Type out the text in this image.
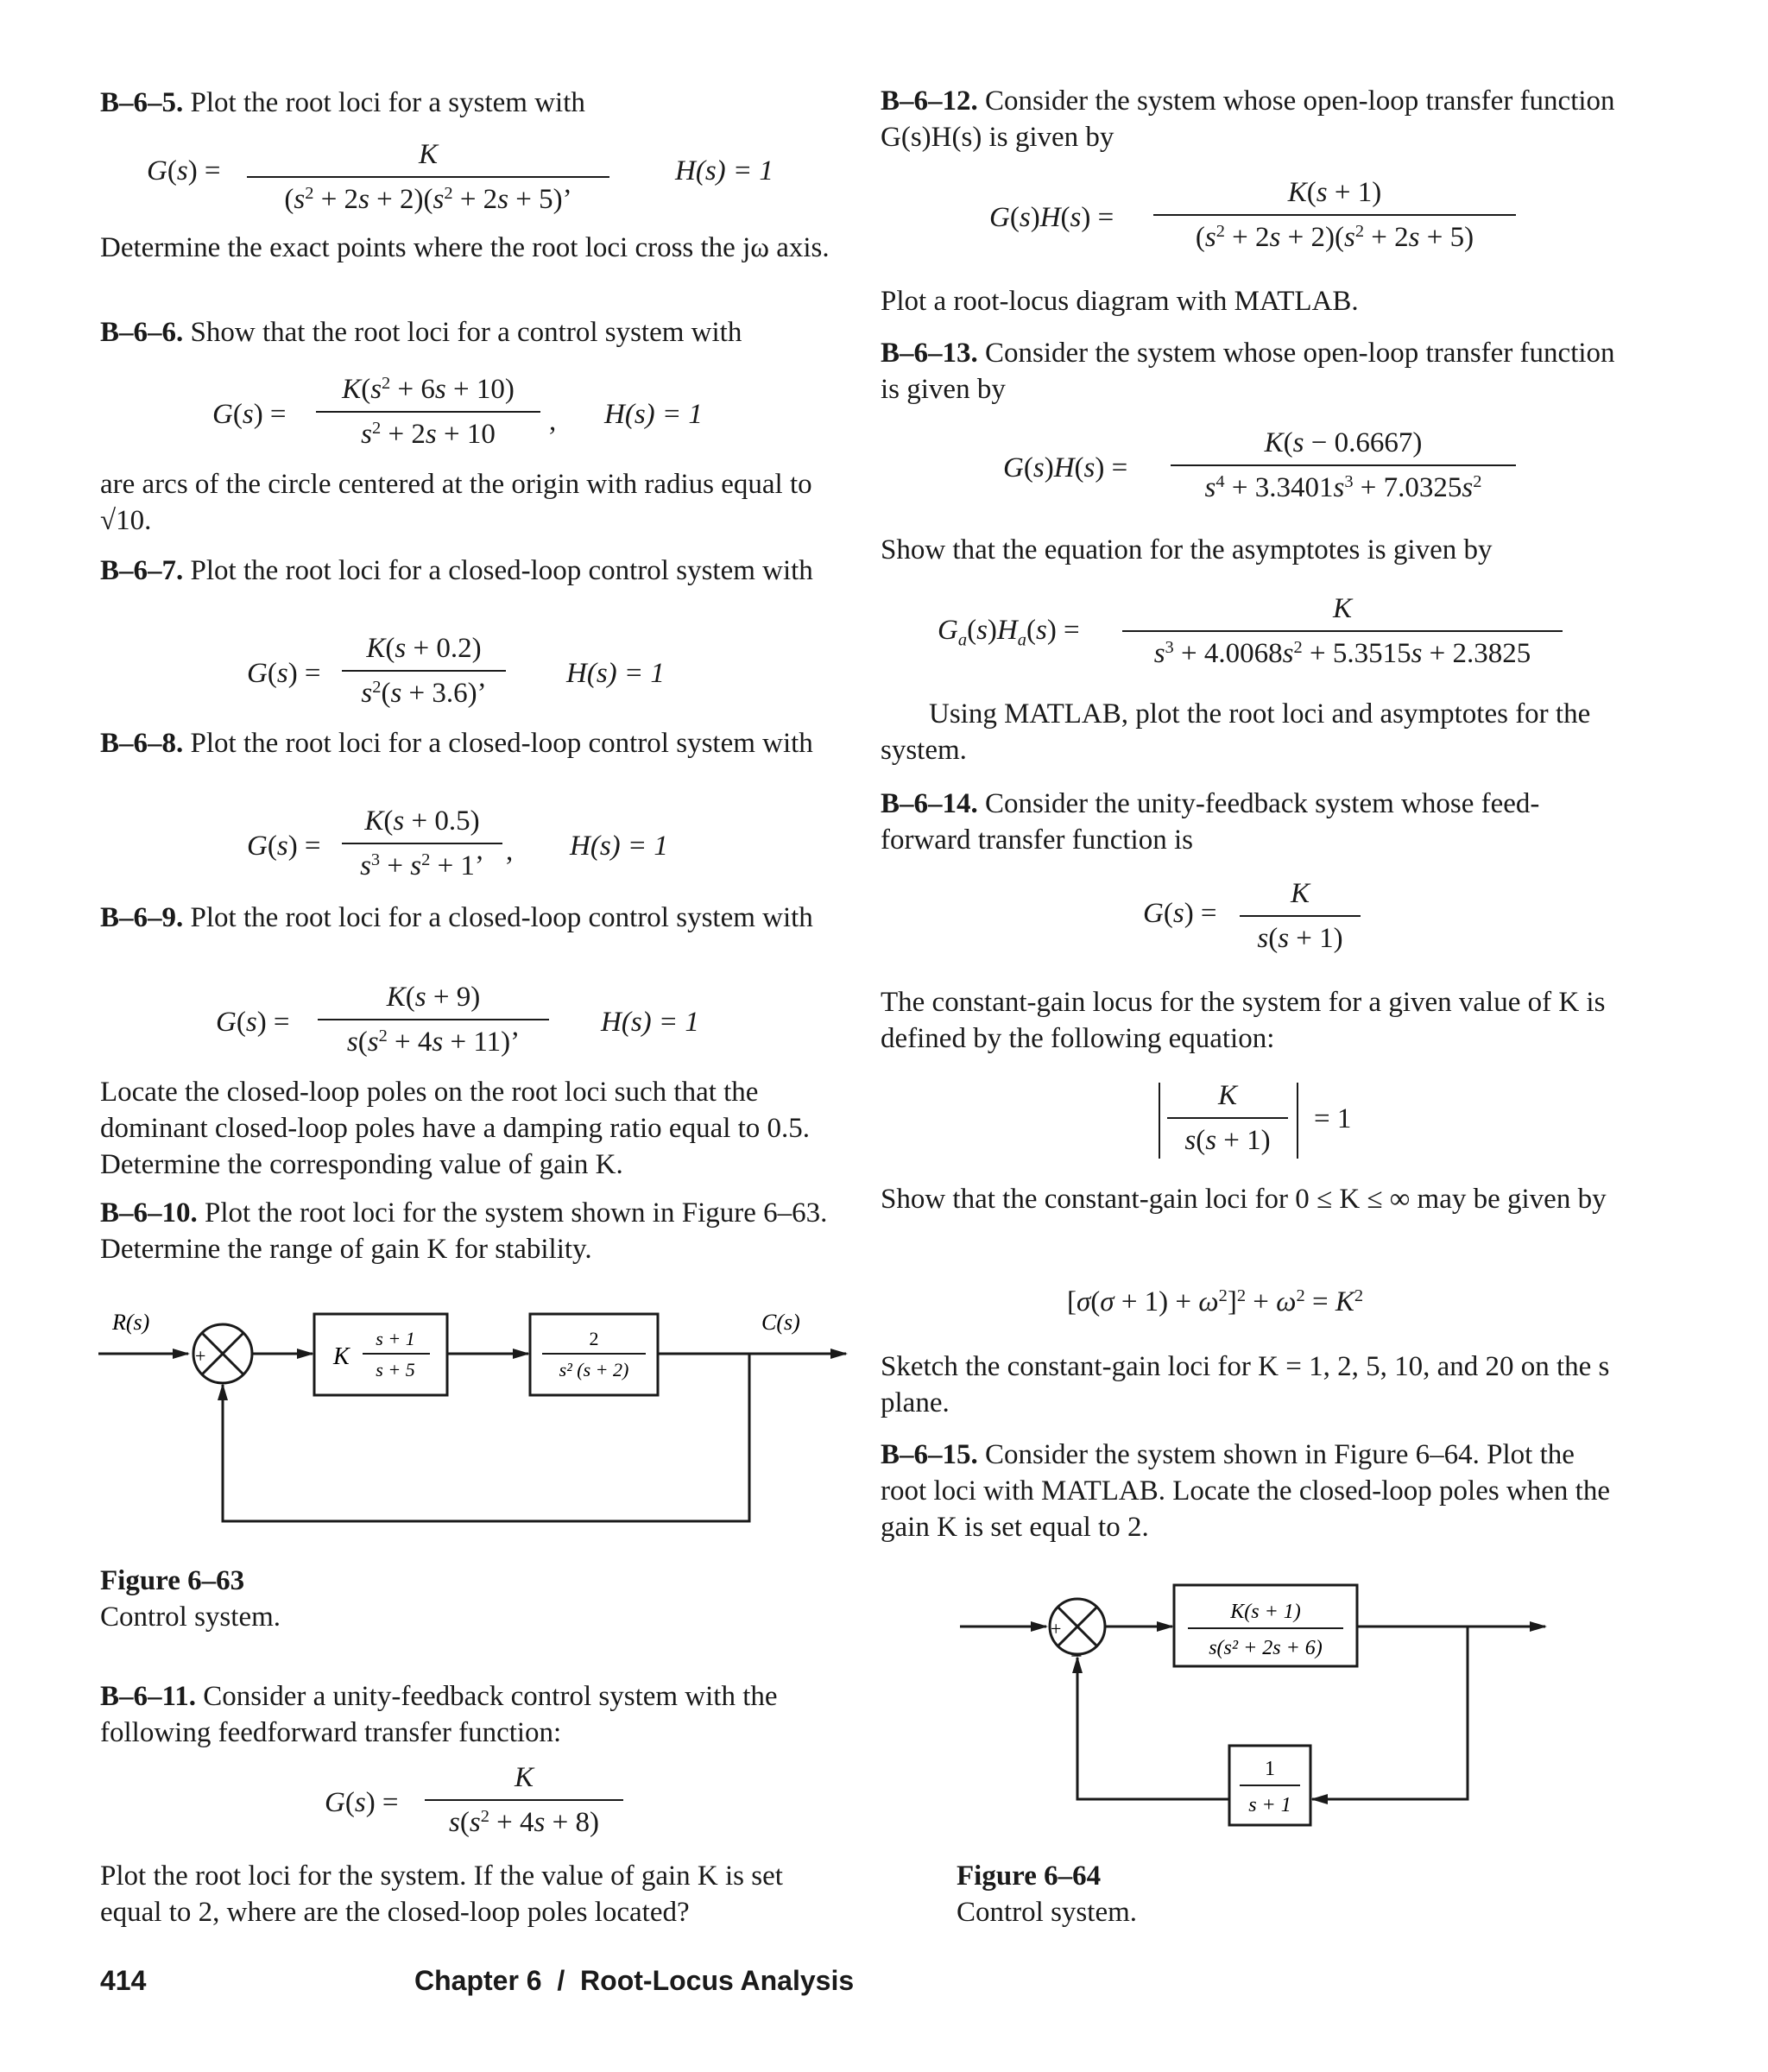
B–6–5. Plot the root loci for a system with
G(s) =
K
$(s^2 + 2s + 2)(s^2 + 2s + 5)$’
H(s) = 1
Determine the exact points where the root loci cross the jω axis.
B–6–6. Show that the root loci for a control system with
G(s) =
$K(s^2 + 6s + 10)$
$s^2 + 2s + 10$	, H(s) = 1
are arcs of the circle centered at the origin with radius equal to √10.
B–6–7. Plot the root loci for a closed-loop control system with
G(s) =
K(s + 0.2)
$s^2(s + 3.6)$’
H(s) = 1
B–6–8. Plot the root loci for a closed-loop control system with
G(s) =
K(s + 0.5)
$s^3 + s^2 + 1$’ , H(s) = 1
B–6–9. Plot the root loci for a closed-loop control system with
G(s) =
K(s + 9)
$s(s^2 + 4s + 11)$’
H(s) = 1
Locate the closed-loop poles on the root loci such that the dominant closed-loop poles have a damping ratio equal to 0.5. Determine the corresponding value of gain K.
B–6–10. Plot the root loci for the system shown in Figure 6–63. Determine the range of gain K for stability.
R(s)
+
−
K
s + 1
s + 5
2
s² (s + 2)
C(s)
Figure 6–63
Control system.
B–6–11. Consider a unity-feedback control system with the following feedforward transfer function:
G(s) =
K
$s(s^2 + 4s + 8)$
Plot the root loci for the system. If the value of gain K is set equal to 2, where are the closed-loop poles located?
B–6–12. Consider the system whose open-loop transfer function G(s)H(s) is given by
G(s)H(s) =
K(s + 1)
$(s^2 + 2s + 2)(s^2 + 2s + 5)$
Plot a root-locus diagram with MATLAB.
B–6–13. Consider the system whose open-loop transfer function is given by
G(s)H(s) =
K(s − 0.6667)
$s^4 + 3.3401s^3 + 7.0325s^2$
Show that the equation for the asymptotes is given by
$G_a(s)H_a(s)$ =
K
$s^3 + 4.0068s^2 + 5.3515s + 2.3825$
Using MATLAB, plot the root loci and asymptotes for the system.
B–6–14. Consider the unity-feedback system whose feed-forward transfer function is
G(s) =
K
s(s + 1)
The constant-gain locus for the system for a given value of K is defined by the following equation:
K
s(s + 1)
= 1
Show that the constant-gain loci for 0 ≤ K ≤ ∞ may be given by
$[\sigma(\sigma + 1) + \omega^2]^2 + \omega^2 = K^2$
Sketch the constant-gain loci for K = 1, 2, 5, 10, and 20 on the s plane.
B–6–15. Consider the system shown in Figure 6–64. Plot the root loci with MATLAB. Locate the closed-loop poles when the gain K is set equal to 2.
+
−
K(s + 1)
s(s² + 2s + 6)
1
s + 1
Figure 6–64
Control system.
414	Chapter 6  /  Root-Locus Analysis
